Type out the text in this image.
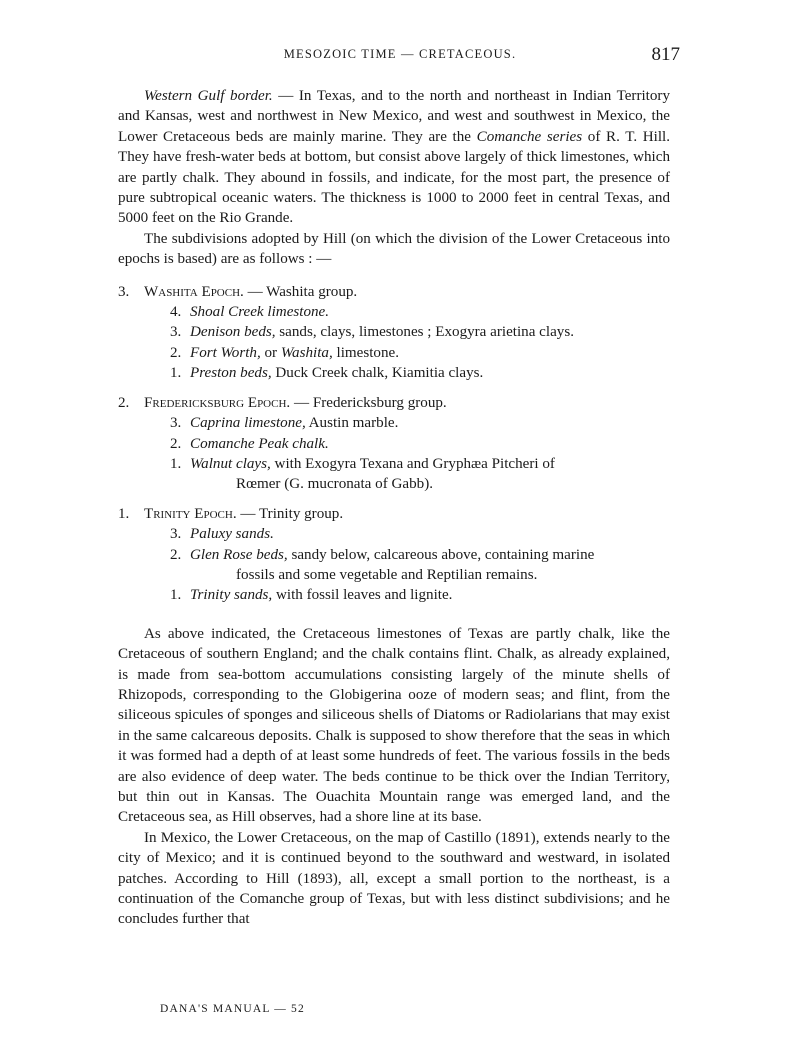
MESOZOIC TIME — CRETACEOUS.	817

Western Gulf border. — In Texas, and to the north and northeast in Indian Territory and Kansas, west and northwest in New Mexico, and west and southwest in Mexico, the Lower Cretaceous beds are mainly marine. They are the Comanche series of R. T. Hill. They have fresh-water beds at bottom, but consist above largely of thick limestones, which are partly chalk. They abound in fossils, and indicate, for the most part, the presence of pure subtropical oceanic waters. The thickness is 1000 to 2000 feet in central Texas, and 5000 feet on the Rio Grande.

The subdivisions adopted by Hill (on which the division of the Lower Cretaceous into epochs is based) are as follows : —

3. Washita Epoch. — Washita group.
4. Shoal Creek limestone.
3. Denison beds, sands, clays, limestones ; Exogyra arietina clays.
2. Fort Worth, or Washita, limestone.
1. Preston beds, Duck Creek chalk, Kiamitia clays.
2. Fredericksburg Epoch. — Fredericksburg group.
3. Caprina limestone, Austin marble.
2. Comanche Peak chalk.
1. Walnut clays, with Exogyra Texana and Gryphæa Pitcheri of
Rœmer (G. mucronata of Gabb).
1. Trinity Epoch. — Trinity group.
3. Paluxy sands.
2. Glen Rose beds, sandy below, calcareous above, containing marine
fossils and some vegetable and Reptilian remains.
1. Trinity sands, with fossil leaves and lignite.

As above indicated, the Cretaceous limestones of Texas are partly chalk, like the Cretaceous of southern England; and the chalk contains flint. Chalk, as already explained, is made from sea-bottom accumulations consisting largely of the minute shells of Rhizopods, corresponding to the Globigerina ooze of modern seas; and flint, from the siliceous spicules of sponges and siliceous shells of Diatoms or Radiolarians that may exist in the same calcareous deposits. Chalk is supposed to show therefore that the seas in which it was formed had a depth of at least some hundreds of feet. The various fossils in the beds are also evidence of deep water. The beds continue to be thick over the Indian Territory, but thin out in Kansas. The Ouachita Mountain range was emerged land, and the Cretaceous sea, as Hill observes, had a shore line at its base.

In Mexico, the Lower Cretaceous, on the map of Castillo (1891), extends nearly to the city of Mexico; and it is continued beyond to the southward and westward, in isolated patches. According to Hill (1893), all, except a small portion to the northeast, is a continuation of the Comanche group of Texas, but with less distinct subdivisions; and he concludes further that

DANA'S MANUAL — 52
